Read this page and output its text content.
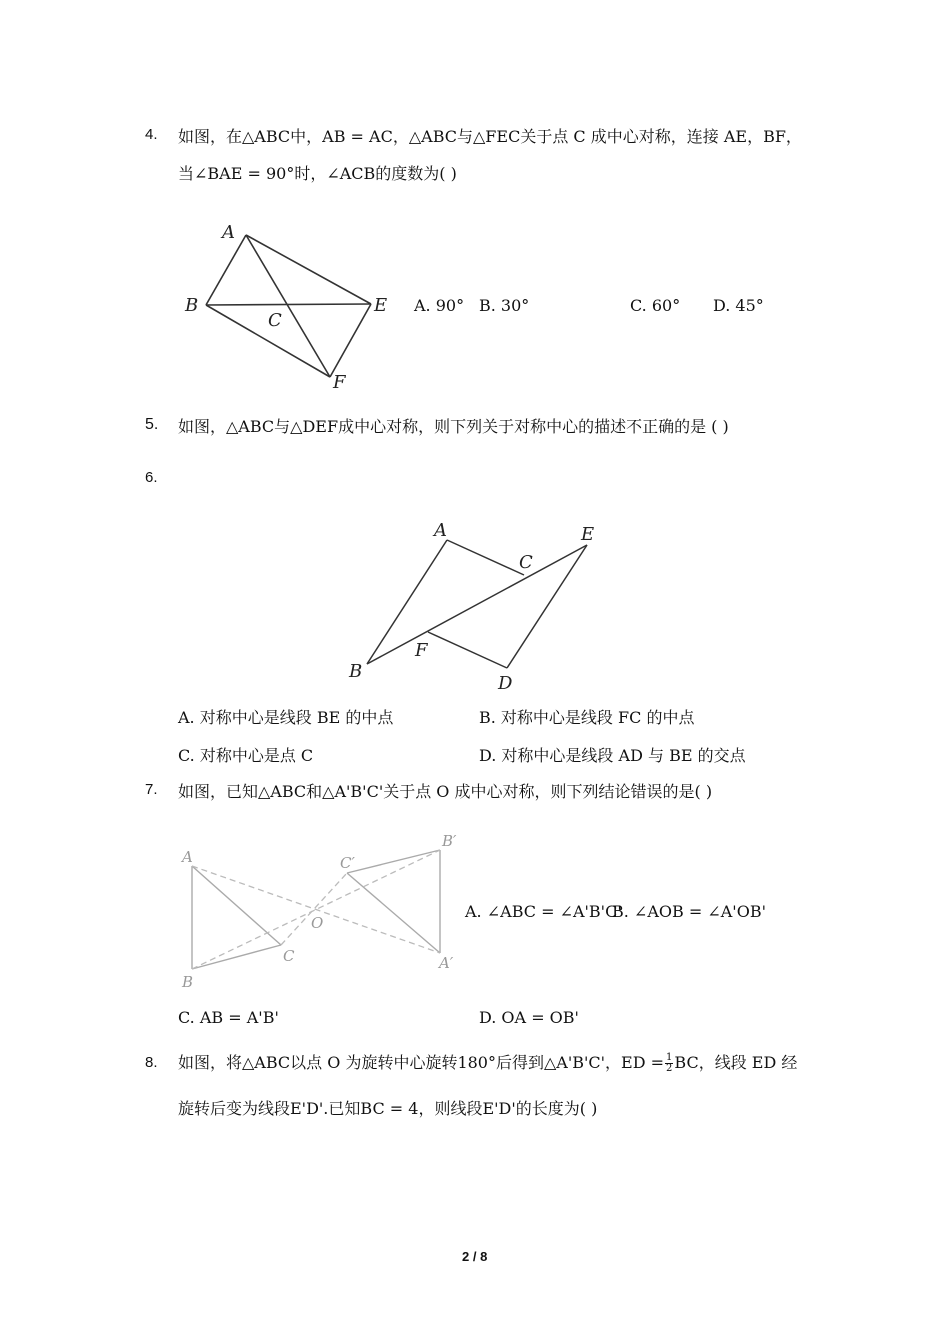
4. 如图，在△ABC中，AB = AC，△ABC与△FEC关于点 C 成中心对称，连接 AE，BF，
当∠BAE = 90°时，∠ACB的度数为( )
A
B
C
E
F
A. 90° B. 30°	C. 60° D. 45°
5. 如图，△ABC与△DEF成中心对称，则下列关于对称中心的描述不正确的是 ( )
6.
A
B
C
D
E
F
A. 对称中心是线段 BE 的中点	B. 对称中心是线段 FC 的中点
C. 对称中心是点 C	D. 对称中心是线段 AD 与 BE 的交点
7. 如图，已知△ABC和△A'B'C'关于点 O 成中心对称，则下列结论错误的是( )
A
B
C
O
A′
B′
C′
A. ∠ABC = ∠A'B'C'
B. ∠AOB = ∠A'OB'
C. AB = A'B'	D. OA = OB'
8. 如图，将△ABC以点 O 为旋转中心旋转180°后得到△A'B'C'，ED = $\frac{1}{2}$ BC，线段 ED 经
旋转后变为线段E'D'.已知BC = 4，则线段E'D'的长度为( )
2 / 8
